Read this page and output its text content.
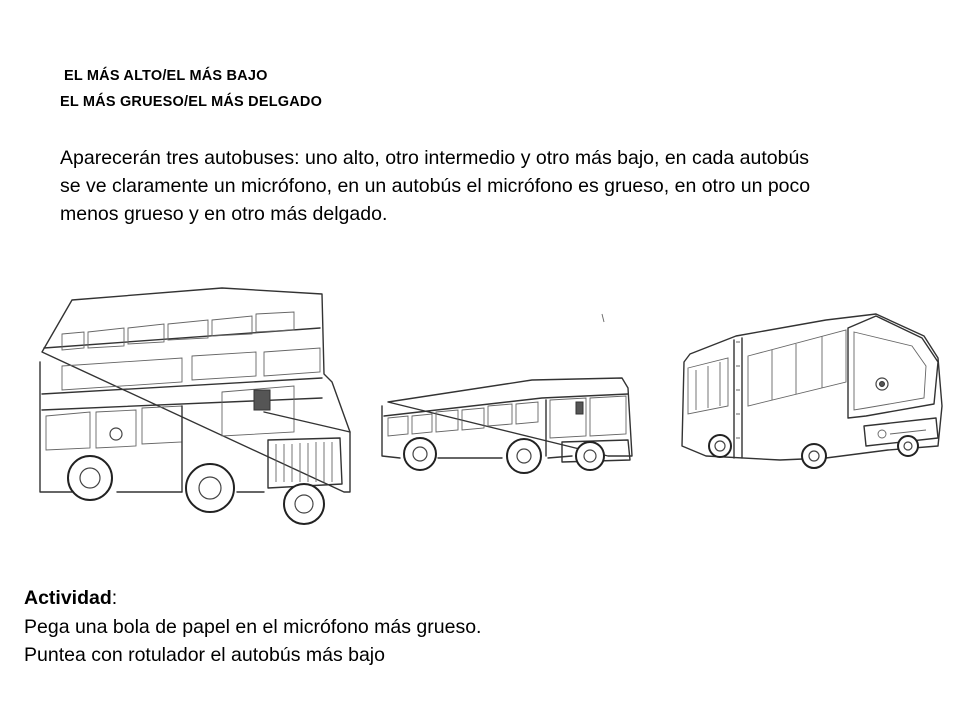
EL MÁS ALTO/EL MÁS BAJO
EL MÁS GRUESO/EL MÁS DELGADO
Aparecerán tres autobuses: uno alto, otro intermedio y otro más bajo, en cada autobús
se ve claramente un micrófono, en un autobús el micrófono es grueso, en otro un poco
menos grueso y en otro más delgado.
Actividad:
Pega una bola de papel en el micrófono más grueso.
Puntea con rotulador el autobús más bajo
